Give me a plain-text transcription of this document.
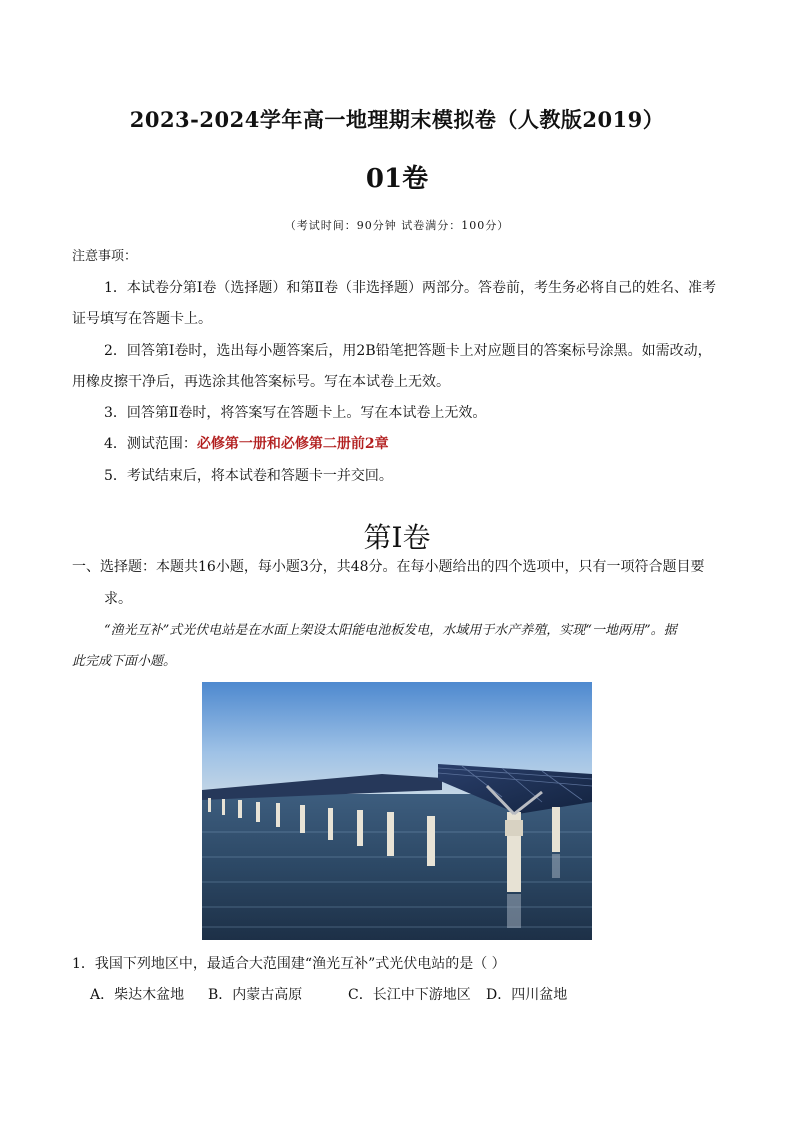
2023-2024学年高一地理期末模拟卷（人教版2019）
01卷
（考试时间：90分钟 试卷满分：100分）
注意事项：
1．本试卷分第Ⅰ卷（选择题）和第Ⅱ卷（非选择题）两部分。答卷前，考生务必将自己的姓名、准考
证号填写在答题卡上。
2．回答第Ⅰ卷时，选出每小题答案后，用2B铅笔把答题卡上对应题目的答案标号涂黑。如需改动，
用橡皮擦干净后，再选涂其他答案标号。写在本试卷上无效。
3．回答第Ⅱ卷时，将答案写在答题卡上。写在本试卷上无效。
4．测试范围：必修第一册和必修第二册前2章
5．考试结束后，将本试卷和答题卡一并交回。
第Ⅰ卷
一、选择题：本题共16小题，每小题3分，共48分。在每小题给出的四个选项中，只有一项符合题目要
求。
“渔光互补”式光伏电站是在水面上架设太阳能电池板发电，水域用于水产养殖，实现“一地两用”。据
此完成下面小题。
1．我国下列地区中，最适合大范围建“渔光互补”式光伏电站的是（ ）
A．柴达木盆地 B．内蒙古高原	C．长江中下游地区 D．四川盆地
